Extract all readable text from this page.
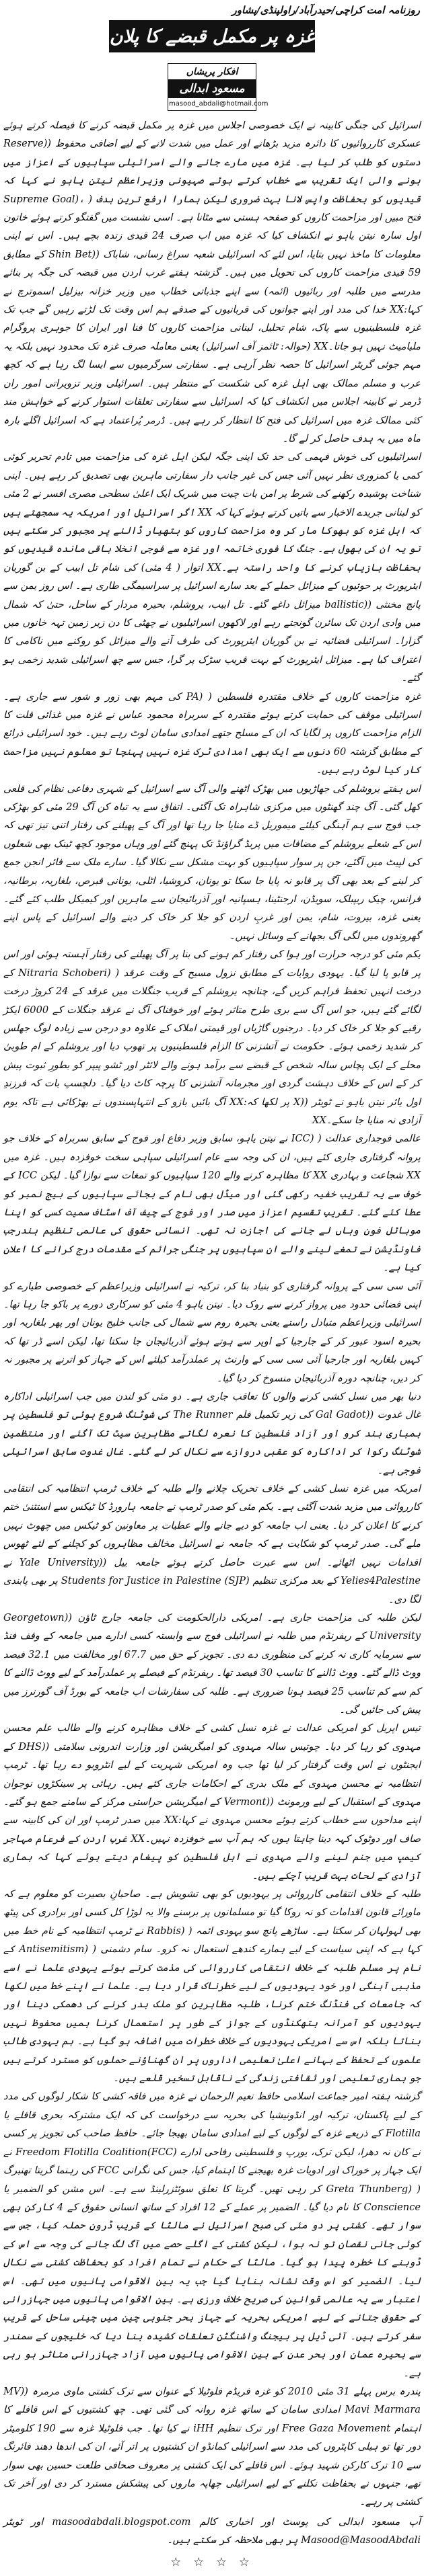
روزنامہ امت کراچی/حیدرآباد/راولپنڈی/پشاور
غزہ پر مکمل قبضے کا پلان
افکار پریشاں
مسعود ابدالی
masood_abdali@hotmail.com

اسرائیل کی جنگی کابینہ نے ایک خصوصی اجلاس میں غزہ پر مکمل قبضہ کرنے کا فیصلہ کرتے ہوئے عسکری کارروائیوں کا دائرہ مزید بڑھانے اور عمل میں شدت لانے کے لیے اضافی محفوظ ((Reserve دستوں کو طلب کر لیا ہے۔ غزہ میں مارے جانے والے اسرائیلی سپاہیوں کے اعزاز میں ہونے والی ایک تقریب سے خطاب کرتے ہوئے صہیونی وزیراعظم نیتن یاہو نے کہا کہ قیدیوں کو بحفاظت واپس لانا بہت ضروری لیکن ہمارا ارفع ترین ہدف ( ،(Supreme Goal فتح مبیں اور مزاحمت کاروں کو صفحہ ہستی سے مٹانا ہے۔ اسی نشست میں گفتگو کرتے ہوئے خاتون اول سارہ نیتن یاہو نے انکشاف کیا کہ غزہ میں اب صرف 24 قیدی زندہ بچے ہیں۔ اس نے اپنی معلومات کا ماخذ نہیں بتایا، اس لئے کہ اسرائیلی شعبہ سراغ رسانی، شاباک ((Shin Bet کے مطابق 59 قیدی مزاحمت کاروں کی تحویل میں ہیں۔ گزشتہ ہفتے غرب اردن میں قبضہ کی جگہ پر بنائے مدرسے میں طلبہ اور ربائیوں (ائمہ) سے اپنے جذباتی خطاب میں وزیر خزانہ بیزلیل اسموترچ نے کہا:XX خدا کی مدد اور اپنے جوانوں کی قربانیوں کے صدقے ہم اس وقت تک لڑتے رہیں گے جب تک غزہ فلسطینیوں سے پاک، شام تحلیل، لبنانی مزاحمت کاروں کا فنا اور ایران کا جوہری پروگرام ملیامیٹ نہیں ہو جاتا۔XX (حوالہ: ٹائمز آف اسرائیل) یعنی معاملہ صرف غزہ تک محدود نہیں بلکہ یہ مہم جوئی گریٹر اسرائیل کا حصہ نظر آرہی ہے۔ سفارتی سرگرمیوں سے ایسا لگ رہا ہے کہ کچھ عرب و مسلم ممالک بھی اہل غزہ کی شکست کے منتظر ہیں۔ اسرائیلی وزیر تزویراتی امور ران ڈرمر نے کابینہ اجلاس میں انکشاف کیا کہ اسرائیل سے سفارتی تعلقات استوار کرنے کے خواہش مند کئی ممالک غزہ میں اسرائیل کی فتح کا انتظار کر رہے ہیں۔ ڈرمر پُراعتماد ہے کہ اسرائیل اگلے بارہ ماہ میں یہ ہدف حاصل کر لے گا۔

اسرائیلیوں کی خوش فہمی کی حد تک اپنی جگہ لیکن اہل غزہ کی مزاحمت میں تادم تحریر کوئی کمی یا کمزوری نظر نہیں آئی جس کی غیر جانب دار سفارتی ماہرین بھی تصدیق کر رہے ہیں۔ اپنی شناخت پوشیدہ رکھنے کی شرط پر امن بات چیت میں شریک ایک اعلیٰ سطحی مصری افسر نے 2 مئی کو لبنانی جریدے الاخبار سے باتیں کرتے ہوئے کہا کہ XX اگر اسرائیل اور امریکہ یہ سمجھتے ہیں کہ اہل غزہ کو بھوکا مار کر وہ مزاحمت کاروں کو ہتھیار ڈالنے پر مجبور کر سکتے ہیں تو یہ ان کی بھول ہے۔ جنگ کا فوری خاتمہ اور غزہ سے فوجی انخلا باقی ماندہ قیدیوں کو بحفاظت بازیاب کرنے کا واحد راستہ ہے۔XX اتوار ( 4 مئی) کی شام تل ابیب کے بن گوریان ایئرپورٹ پر حوثیوں کے میزائل حملے کے بعد سارے اسرائیل پر سراسیمگی طاری ہے۔ اس روز یمن سے پانچ مخنثی ((ballistic میزائل داغے گئے۔ تل ابیب، یروشلم، بحیرہ مردار کے ساحل، حتیٰ کہ شمال میں وادی اردن تک سائرن گونجتے رہے اور لاکھوں اسرائیلیوں نے چھٹی کا دن زیر زمین تہہ خانوں میں گزارا۔ اسرائیلی فضائیہ نے بن گوریان ایئرپورٹ کی طرف آنے والے میزائل کو روکنے میں ناکامی کا اعتراف کیا ہے۔ میزائل ایئرپورٹ کے بہت قریب سڑک پر گرا، جس سے چھ اسرائیلی شدید زخمی ہو گئے۔

غزہ مزاحمت کاروں کے خلاف مقتدرہ فلسطین ( (PA کی مہم بھی زور و شور سے جاری ہے۔ اسرائیلی موقف کی حمایت کرتے ہوئے مقتدرہ کے سربراہ محمود عباس نے غزہ میں غذائی قلت کا الزام مزاحمت کاروں پر لگایا کہ ان کے مسلح جتھے امدادی سامان لوٹ رہے ہیں۔ خود اسرائیلی ذرائع کے مطابق گزشتہ 60 دنوں سے ایک بھی امدادی ٹرک غزہ نہیں پہنچا تو معلوم نہیں مزاحمت کار کیا لوٹ رہے ہیں۔

اس ہفتے یروشلم کی جھاڑیوں میں بھڑک اٹھنے والی آگ سے اسرائیل کے شہری دفاعی نظام کی قلعی کھل گئی۔ آگ چند گھنٹوں میں مرکزی شاہراہ تک آگئی۔ اتفاق سے یہ تباہ کن آگ 29 مئی کو بھڑکی جب فوج سے ہم آہنگی کیلئے میموریل ڈے منایا جا رہا تھا اور آگ کے پھیلنے کی رفتار اتنی تیز تھی کہ اس کے شعلے یروشلم کے مضافات میں پریڈ گراؤنڈ تک پہنچ گئے اور وہاں موجود کچھ ٹینک بھی شعلوں کی لپیٹ میں آگئے، جن پر سوار سپاہیوں کو بہت مشکل سے نکالا گیا۔ سارے ملک سے فائر انجن جمع کر لینے کے بعد بھی آگ پر قابو نہ پایا جا سکا تو یونان، کروشیا، اٹلی، یونانی قبرص، بلغاریہ، برطانیہ، فرانس، چیک ریپبلک، سویڈن، ارجنٹینا، ہسپانیہ اور آذربائیجان سے ماہرین اور کیمیکل طلب کئے گئے۔ یعنی غزہ، بیروت، شام، یمن اور غربِ اردن کو جلا کر خاک کر دینے والے اسرائیل کے پاس اپنے گھروندوں میں لگی آگ بجھانے کے وسائل نہیں۔

یکم مئی کو درجہ حرارت اور ہوا کی رفتار کم ہونے کی بنا پر آگ پھیلنے کی رفتار آہستہ ہوئی اور اس پر قابو پا لیا گیا۔ یہودی روایات کے مطابق نزول مسیح کے وقت عرقد ( (Nitraria Schoberi کے درخت انہیں تحفظ فراہم کریں گے، چنانچہ یروشلم کے قریب جنگلات میں عرقد کے 24 کروڑ درخت لگائے گئے ہیں، جو اس آگ سے بری طرح متاثر ہوئے اور خوفناک آگ نے عرقد جنگلات کے 6000 ایکڑ رقبے کو جلا کر خاک کر دیا۔ درجنوں گاڑیاں اور قیمتی املاک کے علاوہ دو درجن سے زیادہ لوگ جھلس کر شدید زخمی ہوئے۔ حکومت نے آتشزنی کا الزام فلسطینیوں پر تھوپ دیا اور یروشلم کے ام طوبیٰ محلے کے ایک پچاس سالہ شخص کے قبضے سے برآمد ہونے والے لائٹر اور ٹشو پیپر کو بطورِ ثبوت پیش کر کے اس کے خلاف دہشت گردی اور مجرمانہ آتشزنی کا پرچہ کاٹ دیا گیا۔ دلچسپ بات کہ فرزندِ اول یائر نیتن یاہو نے ٹویٹر ((X پر لکھا کہ:XX آگ بائیں بازو کے انتہاپسندوں نے بھڑکائی ہے تاکہ یوم آزادی نہ منایا جا سکے۔XX

عالمی فوجداری عدالت ( (ICC نے نیتن یاہو، سابق وزیر دفاع اور فوج کے سابق سربراہ کے خلاف جو پروانہ گرفتاری جاری کئے ہیں، ان کی وجہ سے عام اسرائیلی سپاہی سخت خوفزدہ ہیں۔ غزہ میں XX شجاعت و بہادری XX کا مظاہرہ کرنے والے 120 سپاہیوں کو تمغات سے نوازا گیا۔ لیکن ICC کے خوف سے یہ تقریب خفیہ رکھی گئی اور میڈل بھی نام کے بجائے سپاہیوں کے بیج نمبر کو عطا کئے گئے۔ تقریبِ تقسیم اعزاز میں صدر اور فوج کے چیف آف اسٹاف سمیت کسی کو اپنا موبائل فون وہاں لے جانے کی اجازت نہ تھی۔ انسانی حقوق کی عالمی تنظیم ہندرجب فاونڈیشن نے تمغے لینے والے ان سپاہیوں پر جنگی جرائم کے مقدمات درج کرانے کا اعلان کیا ہے۔

آئی سی سی کے پروانہ گرفتاری کو بنیاد بنا کر، ترکیہ نے اسرائیلی وزیراعظم کے خصوصی طیارے کو اپنی فضائی حدود میں پرواز کرنے سے روک دیا۔ نیتن یاہو 4 مئی کو سرکاری دورے پر باکو جا رہا تھا۔ اسرائیلی وزیراعظم متبادل راستے یعنی بحیرہ روم سے شمال کی جانب خلیج یونان اور پھر بلغاریہ اور بحیرہ اسود عبور کر کے جارجیا کے اوپر سے ہوتے ہوئے آذربائیجان جا سکتا تھا، لیکن اسے ڈر تھا کہ کہیں بلغاریہ اور جارجیا آئی سی سی کے وارنٹ پر عملدرآمد کیلئے اس کے جہاز کو اترنے پر مجبور نہ کر دیں، چنانچہ دورہ آذربائیجان منسوخ کر دیا گیا۔

دنیا بھر میں نسل کشی کرنے والوں کا تعاقب جاری ہے۔ دو مئی کو لندن میں جب اسرائیلی اداکارہ غال غدوت ((Gal Gadot کی زیر تکمیل فلم The Runner کی شوٹنگ شروع ہوئی تو فلسطین پر بمباری بند کرو اور آزاد فلسطین کا نعرہ لگاتے مظاہرین سیٹ تک آگئے اور منتظمین شوٹنگ رکوا کر اداکارہ کو عقبی دروازے سے نکال کر لے گئے۔ غال غدوت سابق اسرائیلی فوجی ہے۔

امریکہ میں غزہ نسل کشی کے خلاف تحریک چلانے والے طلبہ کے خلاف ٹرمپ انتظامیہ کی انتقامی کارروائی میں مزید شدت آگئی ہے۔ یکم مئی کو صدر ٹرمپ نے جامعہ ہارورڈ کا ٹیکس سے استثنیٰ ختم کرنے کا اعلان کر دیا۔ یعنی اب جامعہ کو دیے جانے والے عطیات پر معاونین کو ٹیکس میں چھوٹ نہیں ملے گی۔ صدر ٹرمپ کو شکایت ہے کہ جامعہ نے اسرائیل مخالف مظاہروں کو کچلنے کے لئے ٹھوس اقدامات نہیں اٹھائے۔ اس سے عبرت حاصل کرتے ہوئے جامعہ ییل ((Yale University نے Yelies4Palestine کے بعد مرکزی تنظیم Students for Justice in Palestine (SJP) پر بھی پابندی لگا دی۔

لیکن طلبہ کی مزاحمت جاری ہے۔ امریکی دارالحکومت کی جامعہ جارج ٹاؤن ((Georgetown University کے ریفرنڈم میں طلبہ نے اسرائیلی فوج سے وابستہ کسی ادارے میں جامعہ کے وقف فنڈ سے سرمایہ کاری نہ کرنے کی منظوری دے دی۔ تجویز کے حق میں 67.7 اور مخالفت میں 32.1 فیصد ووٹ ڈالے گئے۔ ووٹ ڈالنے کا تناسب 30 فیصد تھا۔ ریفرنڈم کے فیصلے پر عملدرآمد کے لیے ووٹ ڈالنے کا کم سے کم تناسب 25 فیصد ہونا ضروری ہے۔ طلبہ کی سفارشات اب جامعہ کے بورڈ آف گورنرز میں پیش کی جائیں گی۔

تیس اپریل کو امریکی عدالت نے غزہ نسل کشی کے خلاف مظاہرہ کرنے والے طالب علم محسن مہدوی کو رہا کر دیا۔ چوتیس سالہ مہدوی کو امیگریشن اور وزارت اندرونی سلامتی ((DHS کے ایجنٹوں نے اس وقت گرفتار کر لیا تھا جب وہ امریکی شہریت کے لیے انٹرویو دے رہا تھا۔ ٹرمپ انتظامیہ نے محسن مہدوی کے ملک بدری کے احکامات جاری کئے ہیں۔ رہائی پر سینکڑوں نوجوان مہدوی کے استقبال کے لیے ورمونٹ ((Vermont کے امیگریشن حراستی مرکز کے سامنے جمع ہو گئے۔ اپنے مداحوں سے خطاب کرتے ہوئے محسن مہدوی نے کہا:XX میں صدر ٹرمپ اور ان کی کابینہ سے صاف اور دوٹوک کہہ دینا چاہتا ہوں کہ ہم آپ سے خوفزدہ نہیں۔XX غربِ اردن کے فرعام مہاجر کیمپ میں جنم لینے والے مہدوی نے اہل فلسطین کو پیغام دیتے ہوئے کہا کہ ہماری آزادی کے لحات بہت قریب آچکے ہیں۔

طلبہ کے خلاف انتقامی کارروائی پر یہودیوں کو بھی تشویش ہے۔ صاحبانِ بصیرت کو معلوم ہے کہ ماورائے قانون اقدامات کو نہ روکا گیا تو مسلمانوں پر برسنے والا یہ لوڑا کل کسی اور برادری کی پیٹھ بھی لہولہان کر سکتا ہے۔ ساڑھے پانچ سو یہودی ائمہ ( (Rabbis نے ٹرمپ انتظامیہ کے نام خط میں کہا ہے کہ اپنی سیاست کے لیے ہمارے کندھے استعمال نہ کرو۔ سام دشمنی ( (Antisemitism کے نام پر مسلم طلبہ کے خلاف انتقامی کارروائی کی مذمت کرتے ہوئے یہودی علما نے اسے مذہبی آہنگی اور خود یہودیوں کے لیے خطرناک قرار دیا ہے۔ علما نے اپنے خط میں لکھا کہ جامعات کی فنڈنگ ختم کرنا، طلبہ مظاہرین کو ملک بدر کرنے کی دھمکی دینا اور یہودیوں کو آمرانہ ہتھکنڈوں کے جواز کے طور پر استعمال کرنا ہمیں محفوظ نہیں بناتا بلکہ اس سے امریکی یہودیوں کے خلاف خطرات میں اضافہ ہو گیا ہے۔ ہم یہودی طالب علموں کے تحفظ کے بہانے اعلیٰ تعلیمی اداروں پر ان گھناؤنے حملوں کو مسترد کرتے ہیں جو ہماری تعلیمی اور ثقافتی زندگی کے ناقابل تسخیر قلعے ہیں۔

گزشتہ ہفتہ امیر جماعت اسلامی حافظ نعیم الرحمان نے غزہ میں فاقہ کشی کا شکار لوگوں کی مدد کے لیے پاکستان، ترکیہ اور انڈونیشیا کی بحریہ سے درخواست کی کہ ایک مشترکہ بحری قافلے یا Flotilla کے ذریعے غزہ کے لوگوں کے لیے امدادی سامان بھیجا جائے۔ حافظ صاحب کی تجویز پر کسی نے کان نہ دھرا، لیکن ترک، یورپ و فلسطینی رفاحی ادارے (Freedom Flotilla Coalition(FCC نے ایک جہاز پر خوراک اور ادویات غزہ بھیجنے کا اہتمام کیا، جس کی نگرانی FCC کی رہنما گریتا تھنبرگ ( (Greta Thunberg کر رہی تھیں۔ گریتا کا تعلق سوئٹزرلینڈ سے ہے۔ اس مشن کو الضمیر یا Conscience کا نام دیا گیا۔ الضمیر پر عملے کے 12 افراد کے ساتھ انسانی حقوق کے 4 کارکن بھی سوار تھے۔ کشتی پر دو مئی کی صبح اسرائیل نے مالٹا کے قریب ڈرون حملہ کیا، جس سے کوئی جانی نقصان تو نہ ہوا، لیکن کشتی کے اگلے حصے میں آگ لگ جانے کی وجہ سے اس کے ڈوبنے کا خطرہ پیدا ہو گیا۔ مالٹا کے حکام نے تمام افراد کو بحفاظت کشتی سے نکال لیا۔ الضمیر کو اس وقت نشانہ بنایا گیا جب یہ بین الاقوامی پانیوں میں تھی۔ اس اعتبار سے یہ عالمی قوانین کی صریح خلاف ورزی ہے۔ بین الاقوامی پانیوں میں جہازرانی کے حقوق جتانے کے لیے امریکی بحریہ کے جہاز بحر جنوبی چین میں چینی ساحل کے قریب سفر کرتے ہیں۔ آئی ڈیل پر بیجنگ واشنگٹن تعلقات کشیدہ بنا دیا کہ خلیجوں کے سمندر سے بحیرہ عمان اور بحر عدن کے بین الاقوامی پانیوں میں آزاد جہازرانی متاثر ہو رہی ہے۔

پندرہ برس پہلے 31 مئی 2010 کو غزہ فریڈم فلوٹیلا کے عنوان سے ترک کشتی ماوی مرمرہ ((MV Mavi Marmara امدادی سامان کے ساتھ غزہ روانہ کی گئی تھی۔ چھ کشتیوں کے اس قافلے کا اہتمام Free Gaza Movement اور ترک تنظیم iHH نے کیا تھا۔ جب فلوٹیلا غزہ سے 190 کلومیٹر دور تھا تو ہیلی کاپٹروں کی مدد سے اسرائیلی کمانڈو ان کشتیوں پر اتر آئے، ان کی اندھا دھند فائرنگ سے 10 ترک کارکن شہید ہوئے۔ اس قافلے کی ایک کشتی پر معروف صحافی طلعت حسین بھی سوار تھے، جنہوں نے بحفاظت نکلنے کے لیے اسرائیلی چھاپہ ماروں کی پیشکش مسترد کر دی اور آخر تک کشتی پر رہے۔

آپ مسعود ابدالی کی پوسٹ اور اخباری کالم masoodabdali.blogspot.com اور ٹویٹر Masood@MasoodAbdali پر بھی ملاحظہ کر سکتے ہیں۔
☆ ☆ ☆ ☆
